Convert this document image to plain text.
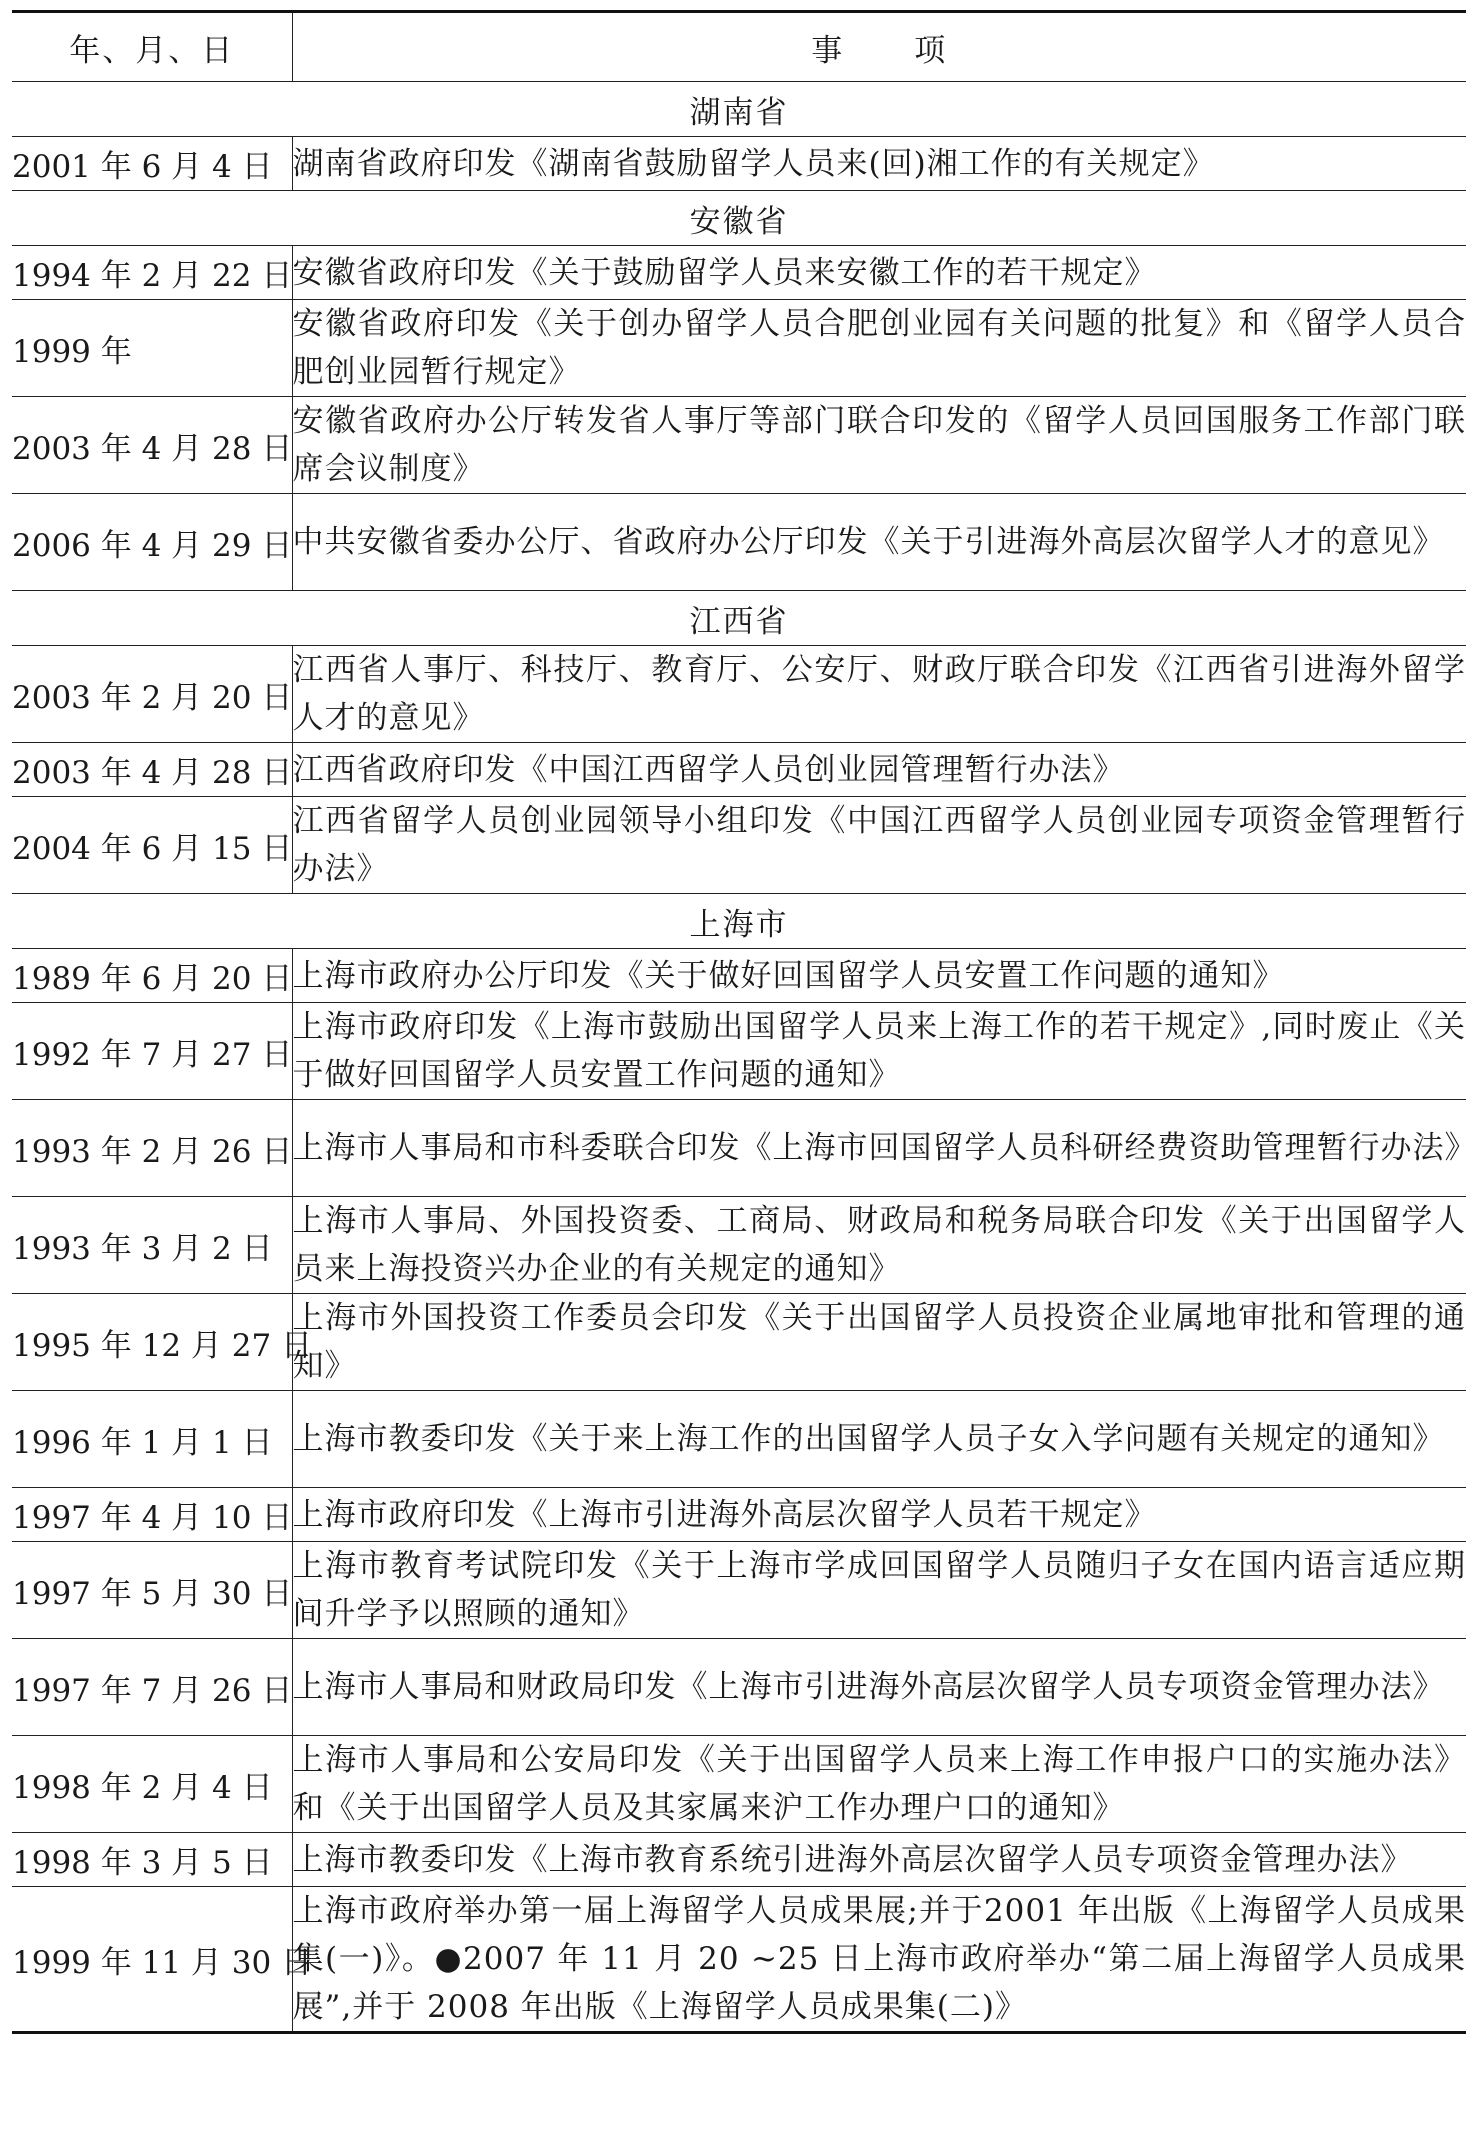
年、月、日	事 项
湖南省	
2001 年 6 月 4 日	湖南省政府印发《湖南省鼓励留学人员来(回)湘工作的有关规定》
安徽省	
1994 年 2 月 22 日	安徽省政府印发《关于鼓励留学人员来安徽工作的若干规定》
1999 年	安徽省政府印发《关于创办留学人员合肥创业园有关问题的批复》和《留学人员合肥创业园暂行规定》
2003 年 4 月 28 日	安徽省政府办公厅转发省人事厅等部门联合印发的《留学人员回国服务工作部门联席会议制度》
2006 年 4 月 29 日	中共安徽省委办公厅、省政府办公厅印发《关于引进海外高层次留学人才的意见》
江西省	
2003 年 2 月 20 日	江西省人事厅、科技厅、教育厅、公安厅、财政厅联合印发《江西省引进海外留学人才的意见》
2003 年 4 月 28 日	江西省政府印发《中国江西留学人员创业园管理暂行办法》
2004 年 6 月 15 日	江西省留学人员创业园领导小组印发《中国江西留学人员创业园专项资金管理暂行办法》
上海市	
1989 年 6 月 20 日	上海市政府办公厅印发《关于做好回国留学人员安置工作问题的通知》
1992 年 7 月 27 日	上海市政府印发《上海市鼓励出国留学人员来上海工作的若干规定》,同时废止《关于做好回国留学人员安置工作问题的通知》
1993 年 2 月 26 日	上海市人事局和市科委联合印发《上海市回国留学人员科研经费资助管理暂行办法》
1993 年 3 月 2 日	上海市人事局、外国投资委、工商局、财政局和税务局联合印发《关于出国留学人员来上海投资兴办企业的有关规定的通知》
1995 年 12 月 27 日	上海市外国投资工作委员会印发《关于出国留学人员投资企业属地审批和管理的通知》
1996 年 1 月 1 日	上海市教委印发《关于来上海工作的出国留学人员子女入学问题有关规定的通知》
1997 年 4 月 10 日	上海市政府印发《上海市引进海外高层次留学人员若干规定》
1997 年 5 月 30 日	上海市教育考试院印发《关于上海市学成回国留学人员随归子女在国内语言适应期间升学予以照顾的通知》
1997 年 7 月 26 日	上海市人事局和财政局印发《上海市引进海外高层次留学人员专项资金管理办法》
1998 年 2 月 4 日	上海市人事局和公安局印发《关于出国留学人员来上海工作申报户口的实施办法》和《关于出国留学人员及其家属来沪工作办理户口的通知》
1998 年 3 月 5 日	上海市教委印发《上海市教育系统引进海外高层次留学人员专项资金管理办法》
1999 年 11 月 30 日	上海市政府举办第一届上海留学人员成果展;并于2001 年出版《上海留学人员成果集(一)》。●2007 年 11 月 20 ~25 日上海市政府举办“第二届上海留学人员成果展”,并于 2008 年出版《上海留学人员成果集(二)》
